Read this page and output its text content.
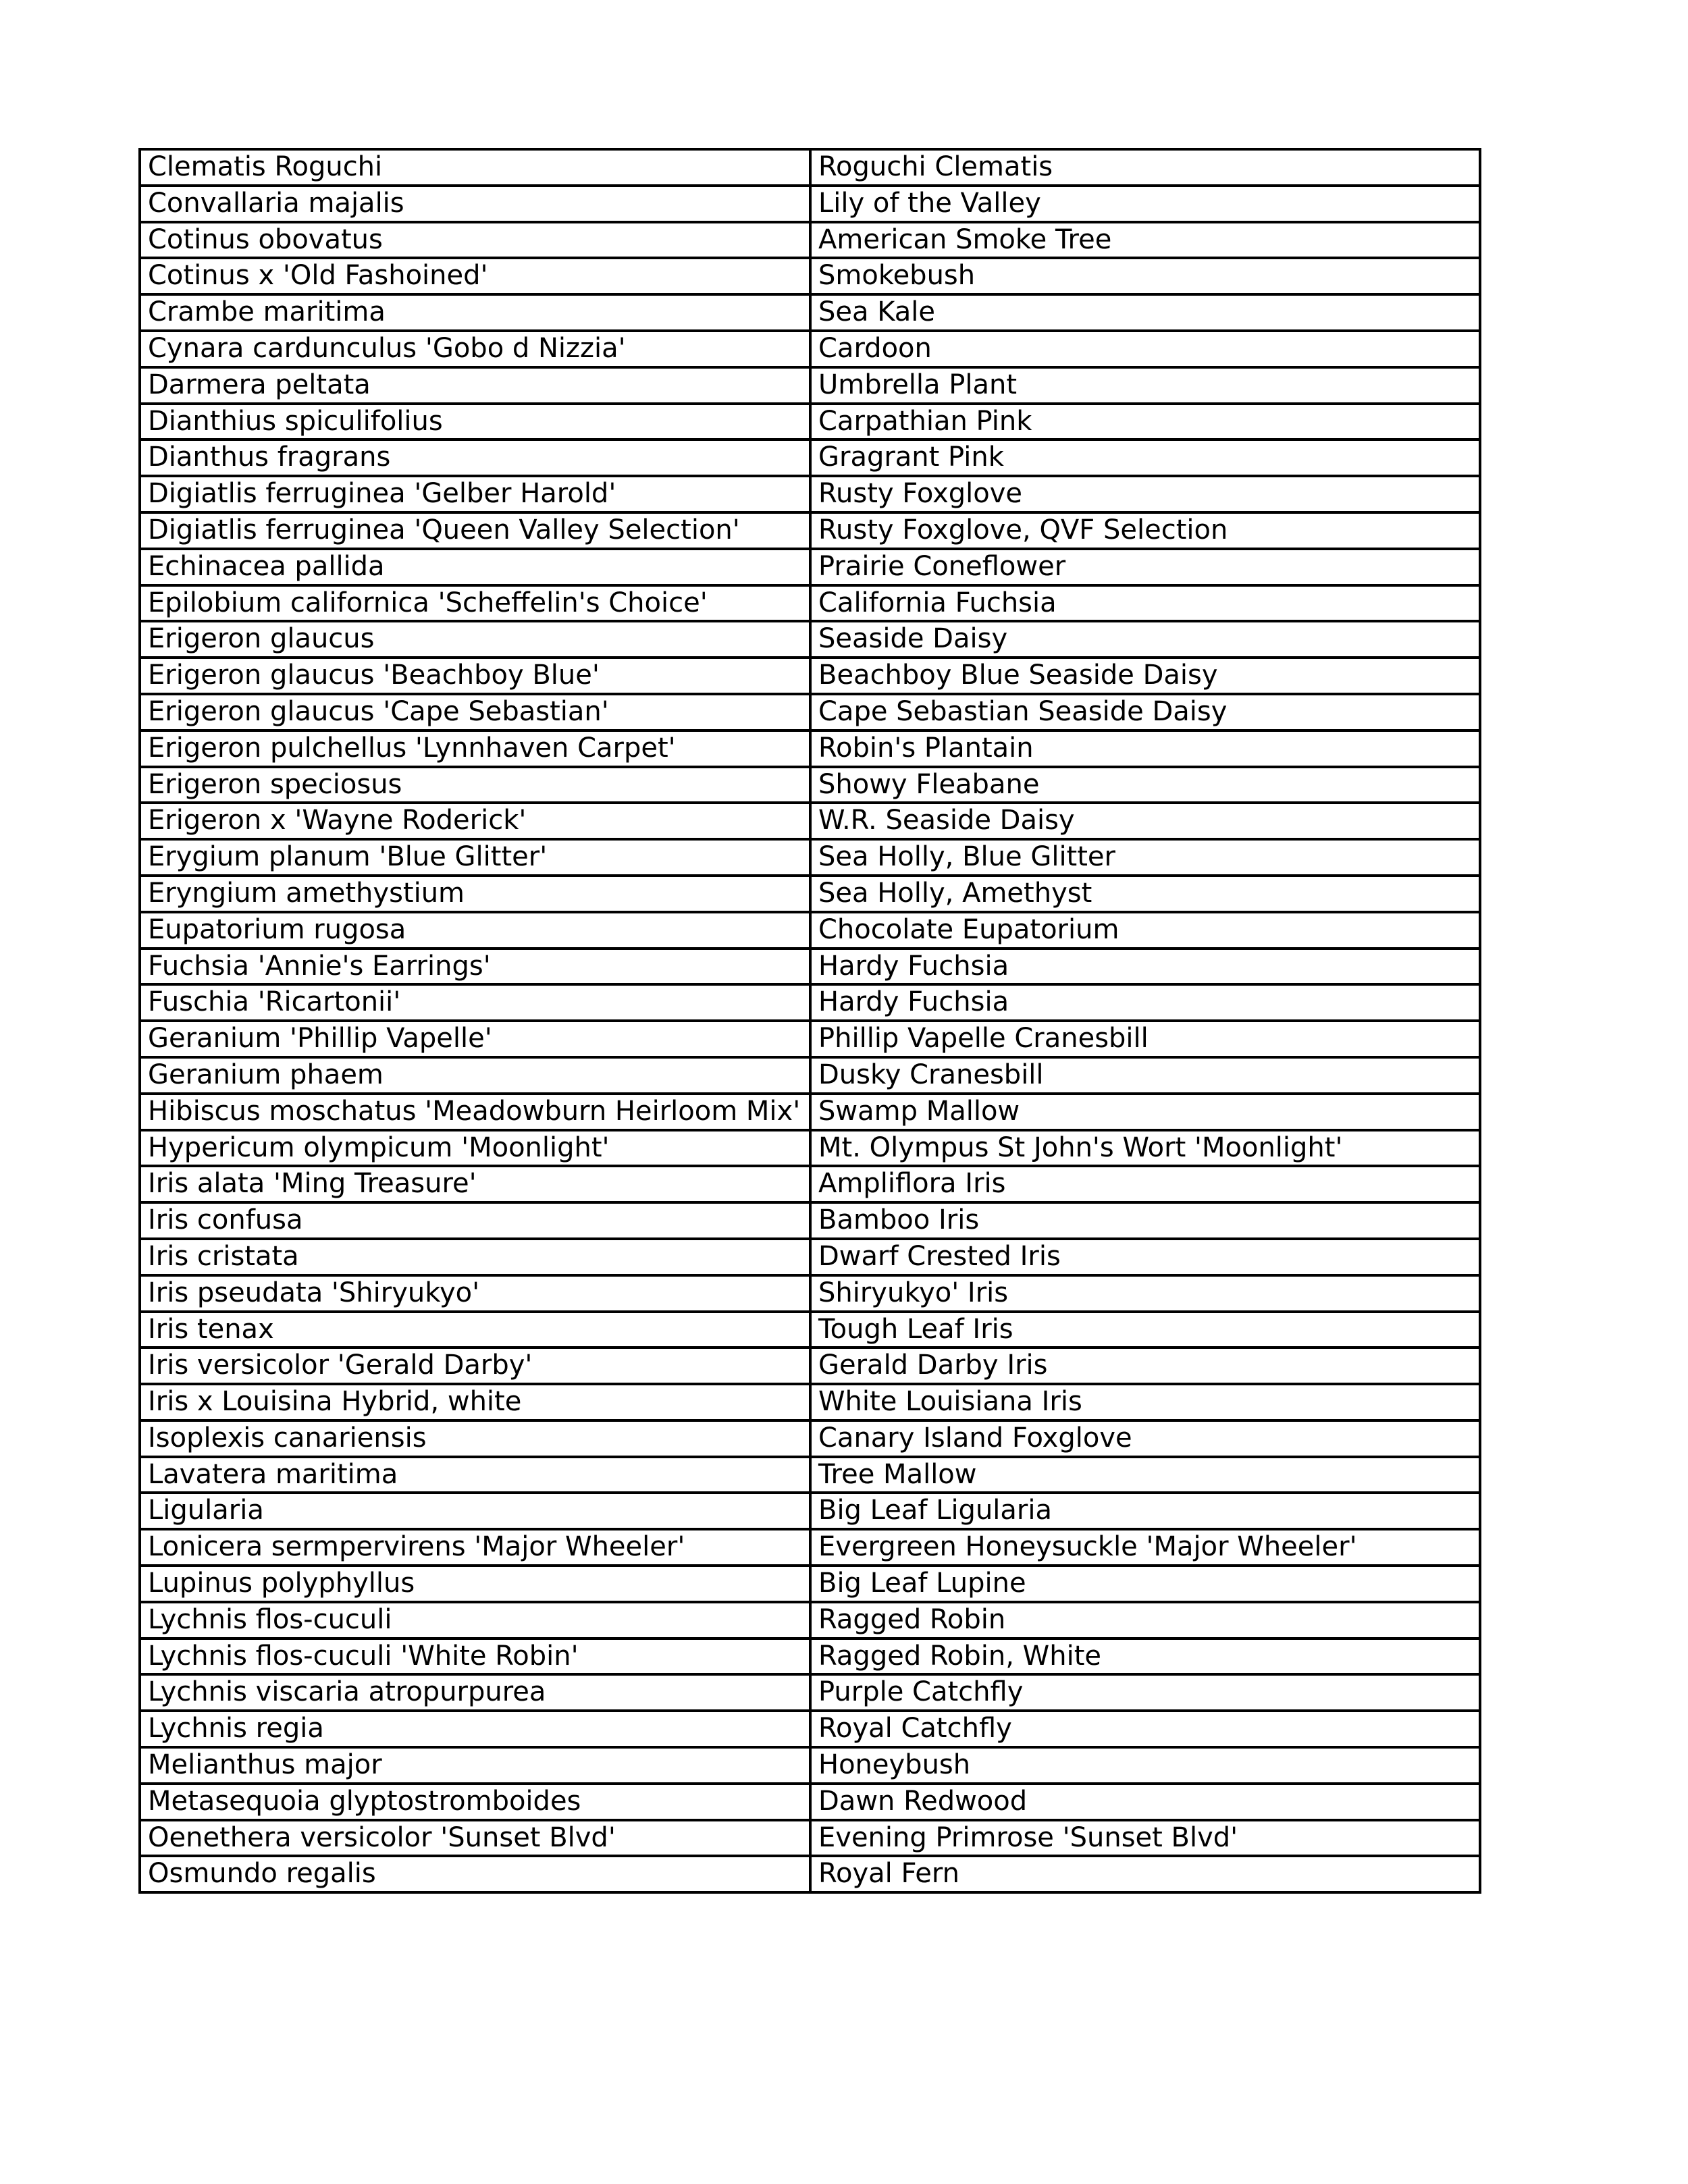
Clematis Roguchi	Roguchi Clematis
Convallaria majalis	Lily of the Valley
Cotinus obovatus	American Smoke Tree
Cotinus x 'Old Fashoined'	Smokebush
Crambe maritima	Sea Kale
Cynara cardunculus 'Gobo d Nizzia'	Cardoon
Darmera peltata	Umbrella Plant
Dianthius spiculifolius	Carpathian Pink
Dianthus fragrans	Gragrant Pink
Digiatlis ferruginea 'Gelber Harold'	Rusty Foxglove
Digiatlis ferruginea 'Queen Valley Selection'	Rusty Foxglove, QVF Selection
Echinacea pallida	Prairie Coneflower
Epilobium californica 'Scheffelin's Choice'	California Fuchsia
Erigeron glaucus	Seaside Daisy
Erigeron glaucus 'Beachboy Blue'	Beachboy Blue Seaside Daisy
Erigeron glaucus 'Cape Sebastian'	Cape Sebastian Seaside Daisy
Erigeron pulchellus 'Lynnhaven Carpet'	Robin's Plantain
Erigeron speciosus	Showy Fleabane
Erigeron x 'Wayne Roderick'	W.R. Seaside Daisy
Erygium planum 'Blue Glitter'	Sea Holly, Blue Glitter
Eryngium amethystium	Sea Holly, Amethyst
Eupatorium rugosa	Chocolate Eupatorium
Fuchsia 'Annie's Earrings'	Hardy Fuchsia
Fuschia 'Ricartonii'	Hardy Fuchsia
Geranium 'Phillip Vapelle'	Phillip Vapelle Cranesbill
Geranium phaem	Dusky Cranesbill
Hibiscus moschatus 'Meadowburn Heirloom Mix'	Swamp Mallow
Hypericum olympicum 'Moonlight'	Mt. Olympus St John's Wort 'Moonlight'
Iris alata 'Ming Treasure'	Ampliflora Iris
Iris confusa	Bamboo Iris
Iris cristata	Dwarf Crested Iris
Iris pseudata 'Shiryukyo'	Shiryukyo' Iris
Iris tenax	Tough Leaf Iris
Iris versicolor 'Gerald Darby'	Gerald Darby Iris
Iris x Louisina Hybrid, white	White Louisiana Iris
Isoplexis canariensis	Canary Island Foxglove
Lavatera maritima	Tree Mallow
Ligularia	Big Leaf Ligularia
Lonicera sermpervirens 'Major Wheeler'	Evergreen Honeysuckle 'Major Wheeler'
Lupinus polyphyllus	Big Leaf Lupine
Lychnis flos-cuculi	Ragged Robin
Lychnis flos-cuculi 'White Robin'	Ragged Robin, White
Lychnis viscaria atropurpurea	Purple Catchfly
Lychnis regia	Royal Catchfly
Melianthus major	Honeybush
Metasequoia glyptostromboides	Dawn Redwood
Oenethera versicolor 'Sunset Blvd'	Evening Primrose 'Sunset Blvd'
Osmundo regalis	Royal Fern
